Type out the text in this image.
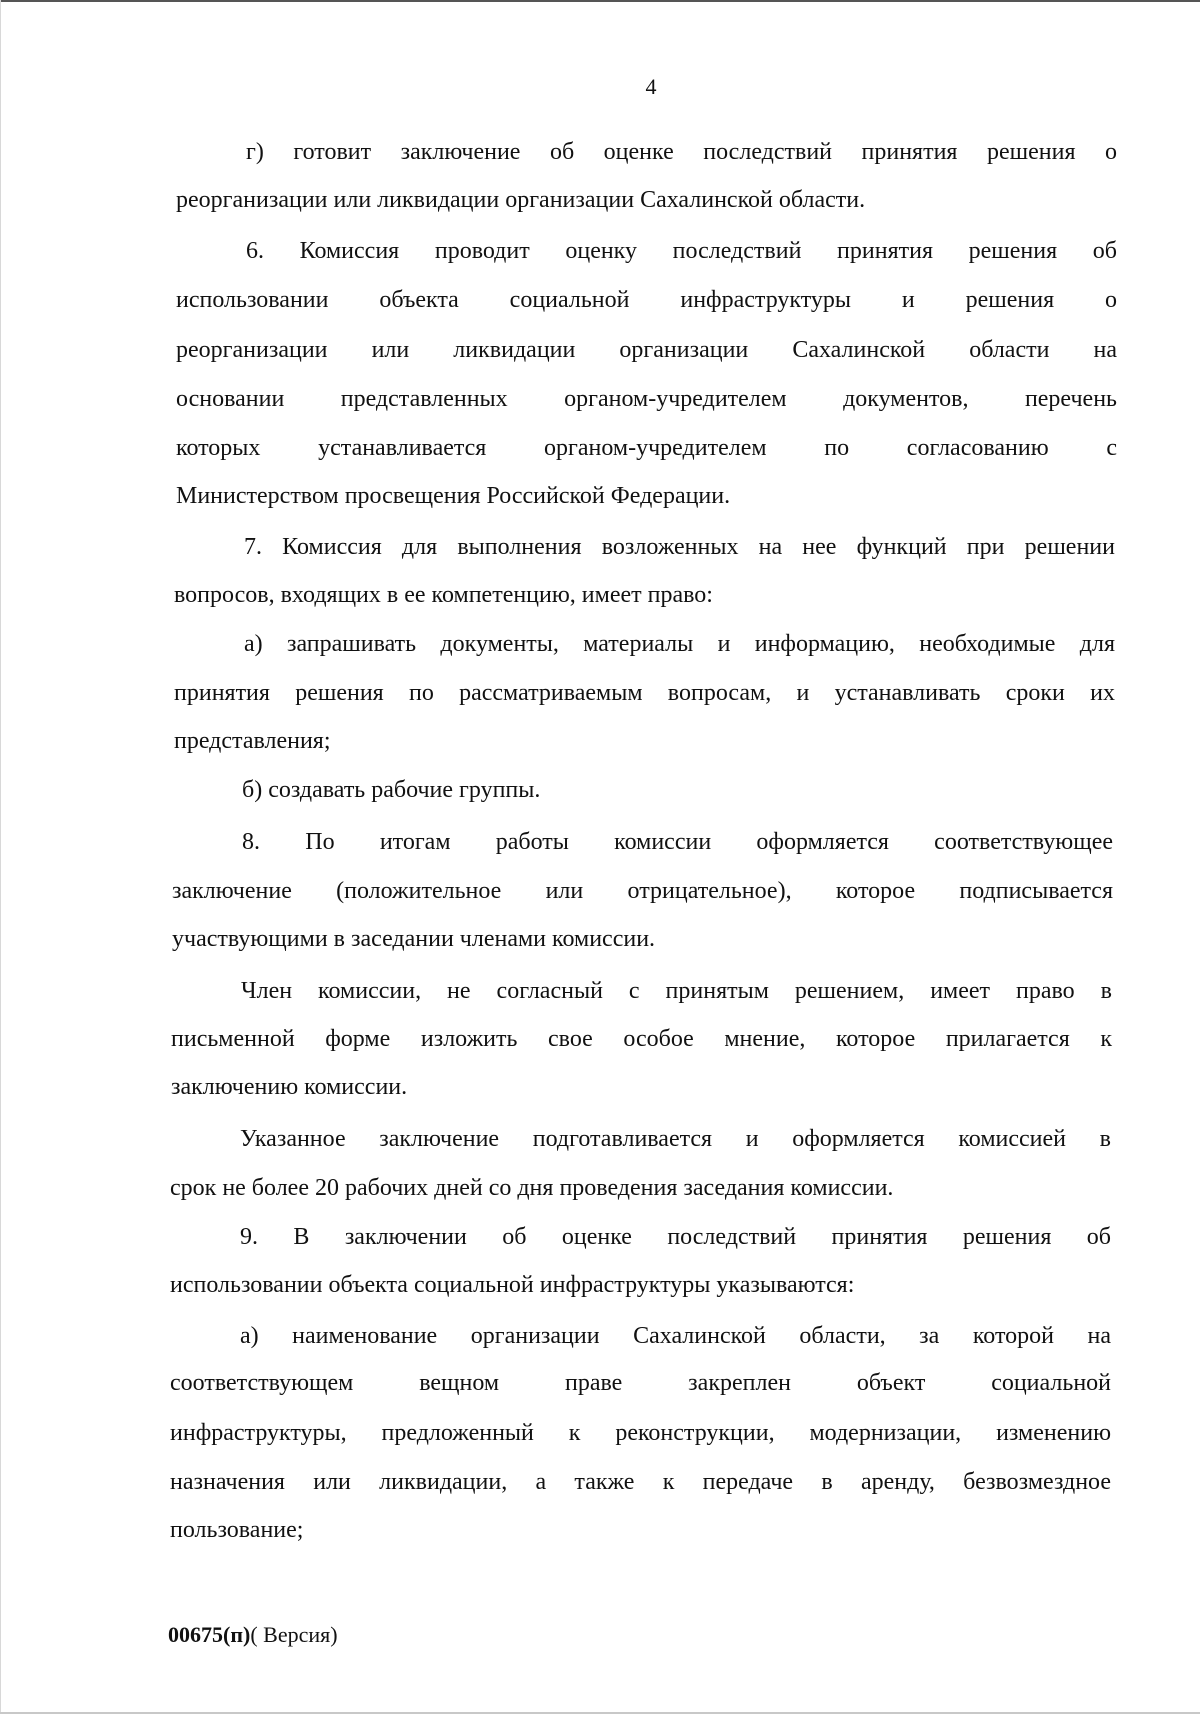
4
г) готовит заключение об оценке последствий принятия решения о
реорганизации или ликвидации организации Сахалинской области.
6. Комиссия проводит оценку последствий принятия решения об
использовании объекта социальной инфраструктуры и решения о
реорганизации или ликвидации организации Сахалинской области на
основании представленных органом-учредителем документов, перечень
которых устанавливается органом-учредителем по согласованию с
Министерством просвещения Российской Федерации.
7. Комиссия для выполнения возложенных на нее функций при решении
вопросов, входящих в ее компетенцию, имеет право:
а) запрашивать документы, материалы и информацию, необходимые для
принятия решения по рассматриваемым вопросам, и устанавливать сроки их
представления;
б) создавать рабочие группы.
8. По итогам работы комиссии оформляется соответствующее
заключение (положительное или отрицательное), которое подписывается
участвующими в заседании членами комиссии.
Член комиссии, не согласный с принятым решением, имеет право в
письменной форме изложить свое особое мнение, которое прилагается к
заключению комиссии.
Указанное заключение подготавливается и оформляется комиссией в
срок не более 20 рабочих дней со дня проведения заседания комиссии.
9. В заключении об оценке последствий принятия решения об
использовании объекта социальной инфраструктуры указываются:
а) наименование организации Сахалинской области, за которой на
соответствующем вещном праве закреплен объект социальной
инфраструктуры, предложенный к реконструкции, модернизации, изменению
назначения или ликвидации, а также к передаче в аренду, безвозмездное
пользование;
00675(п)( Версия)
